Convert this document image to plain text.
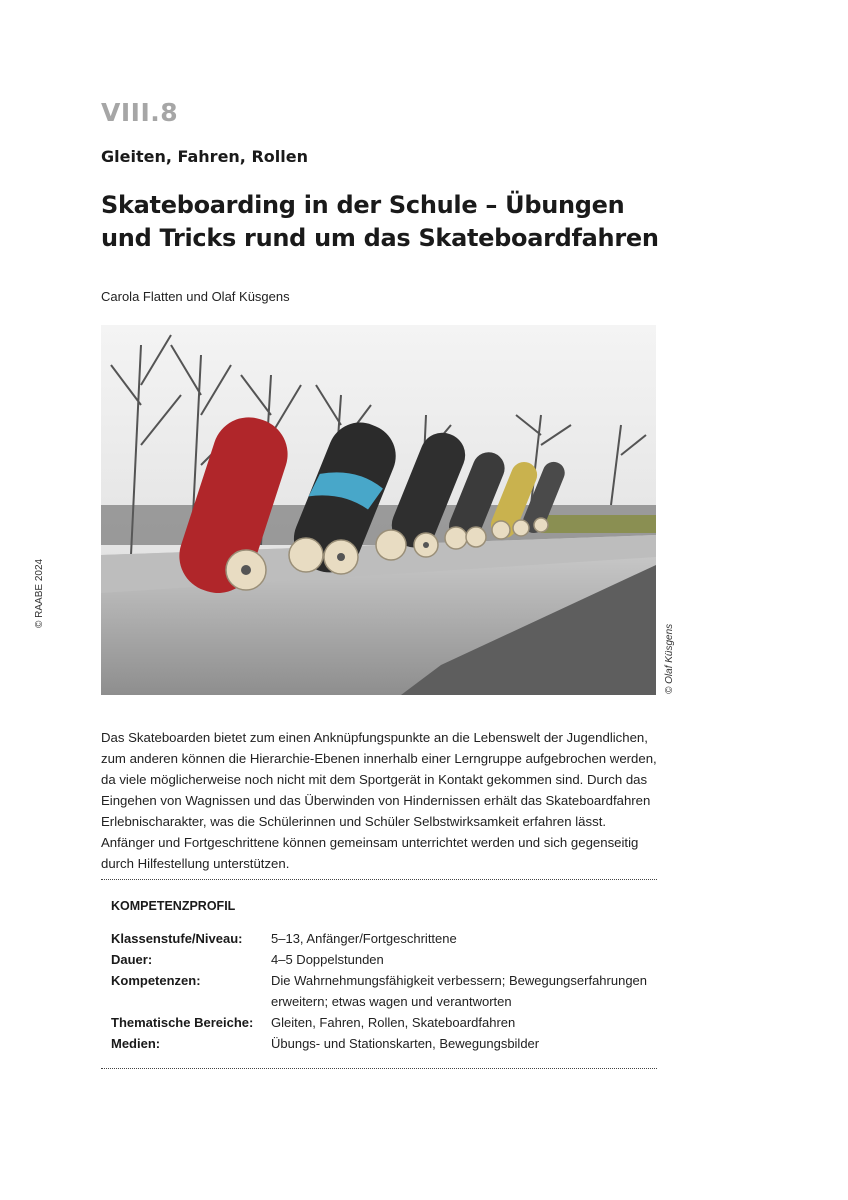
VIII.8
Gleiten, Fahren, Rollen
Skateboarding in der Schule – Übungen und Tricks rund um das Skateboardfahren
Carola Flatten und Olaf Küsgens
© RAABE 2024
© Olaf Küsgens

Das Skateboarden bietet zum einen Anknüpfungspunkte an die Lebenswelt der Jugendlichen, zum anderen können die Hierarchie-Ebenen innerhalb einer Lerngruppe aufgebrochen werden, da viele möglicherweise noch nicht mit dem Sportgerät in Kontakt gekommen sind. Durch das Eingehen von Wagnissen und das Überwinden von Hindernissen erhält das Skateboardfahren Erlebnischarakter, was die Schülerinnen und Schüler Selbstwirksamkeit erfahren lässt. Anfänger und Fortgeschrittene können gemeinsam unterrichtet werden und sich gegenseitig durch Hilfestellung unterstützen.

KOMPETENZPROFIL
Klassenstufe/Niveau:	5–13, Anfänger/Fortgeschrittene
Dauer:	4–5 Doppelstunden
Kompetenzen:	Die Wahrnehmungsfähigkeit verbessern; Bewegungserfahrungen erweitern; etwas wagen und verantworten
Thematische Bereiche:	Gleiten, Fahren, Rollen, Skateboardfahren
Medien:	Übungs- und Stationskarten, Bewegungsbilder
